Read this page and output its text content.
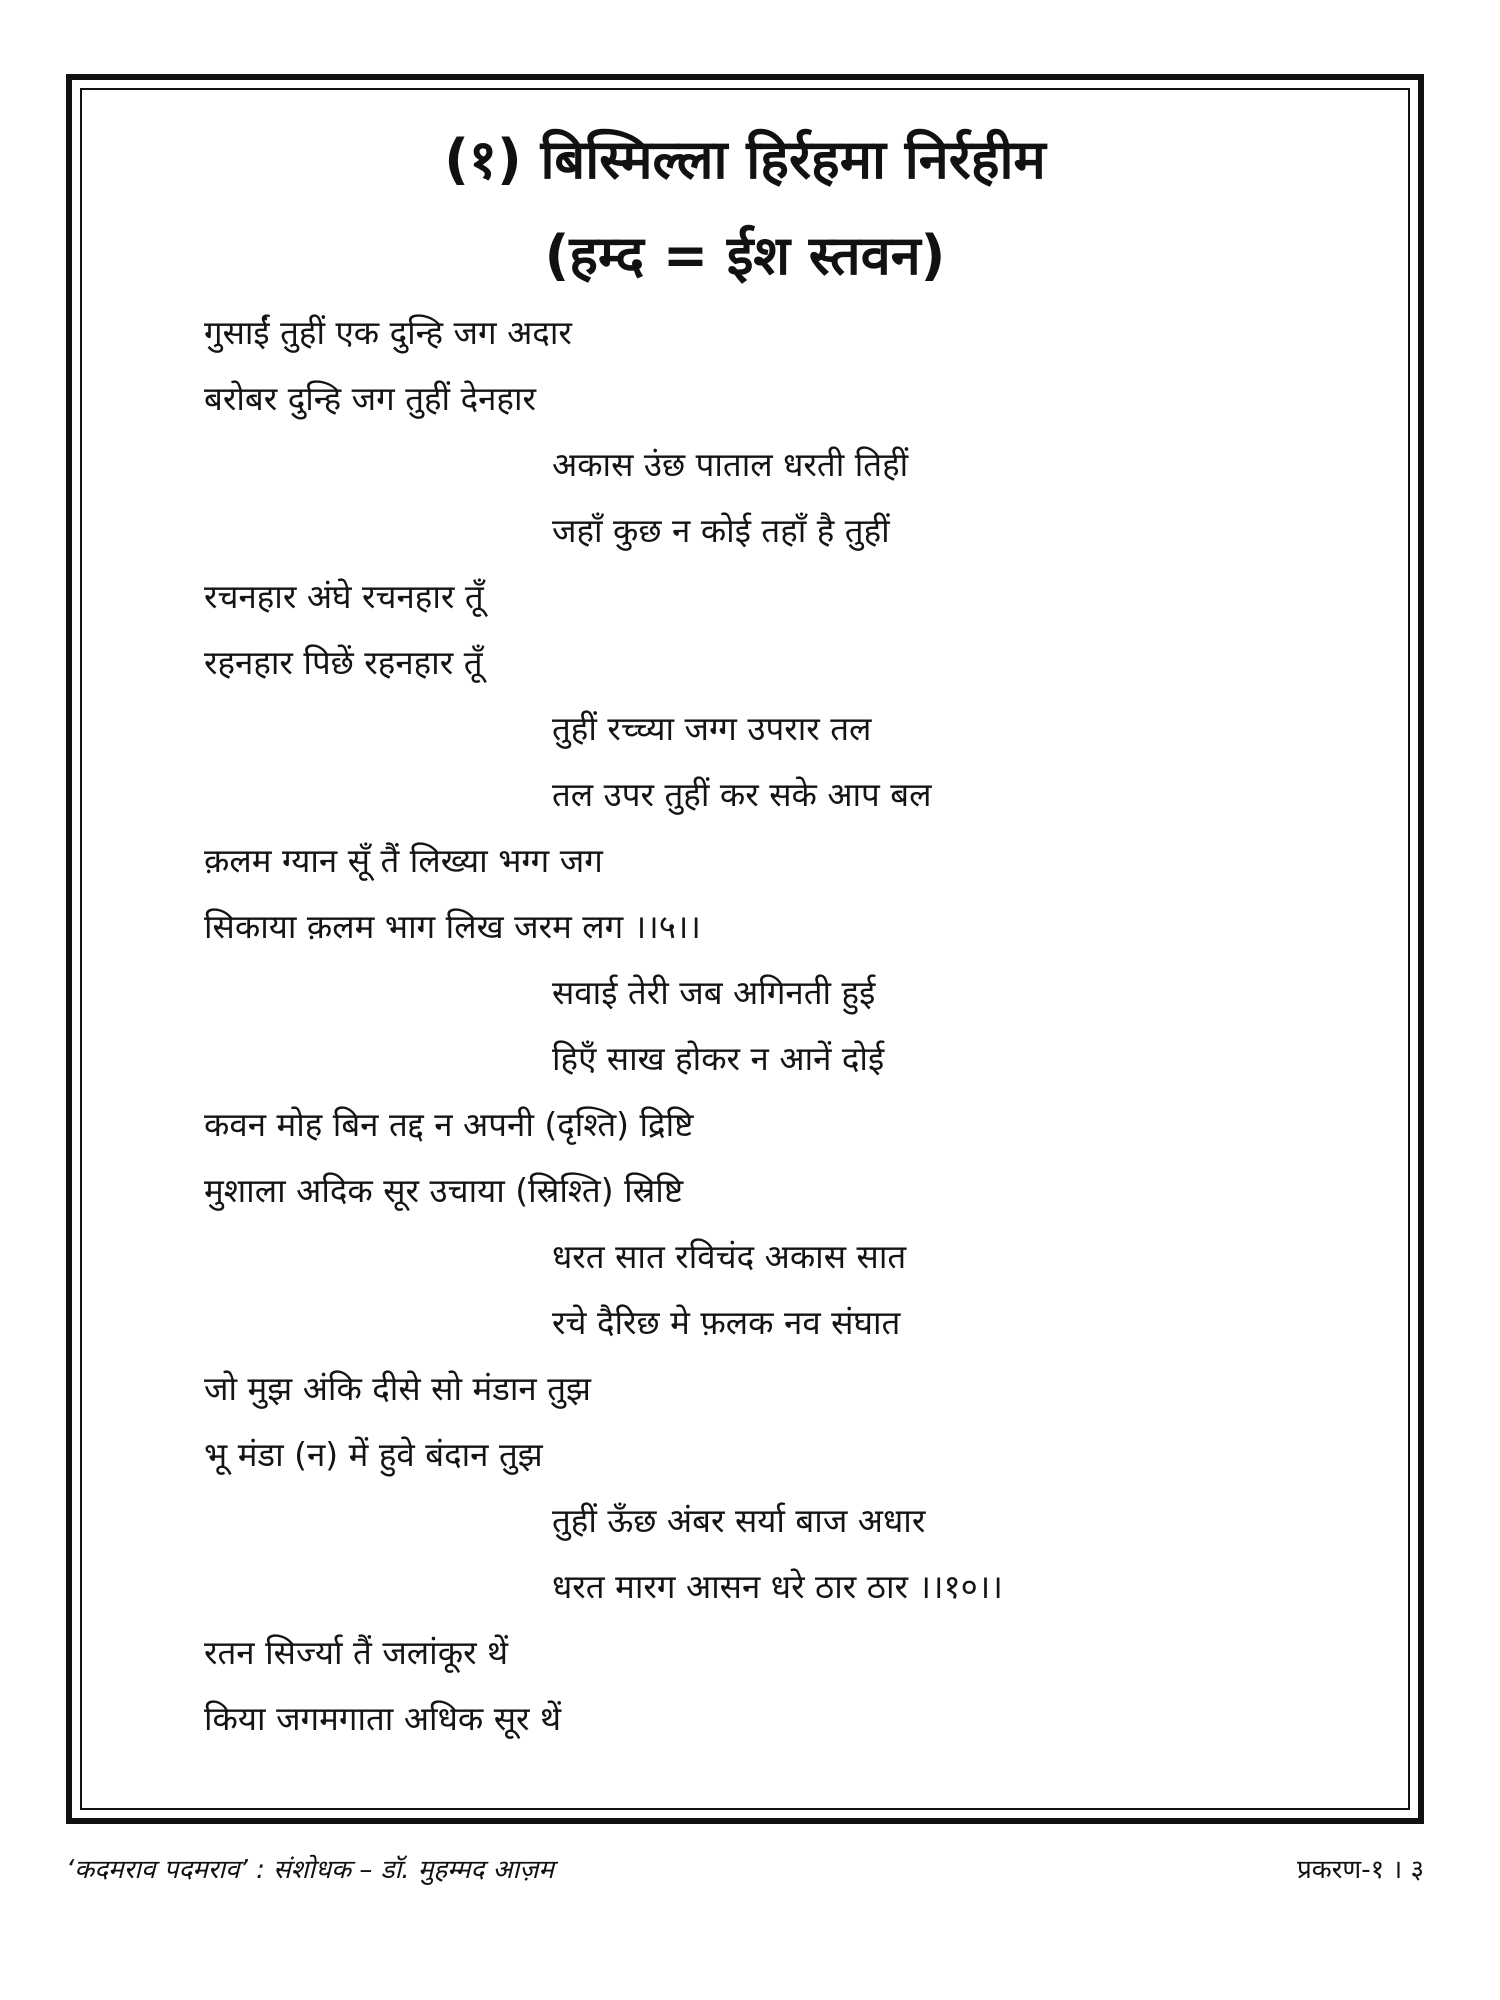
(१) बिस्मिल्ला हिर्रहमा निर्रहीम
(हम्द = ईश स्तवन)
गुसाईं तुहीं एक दुन्हि जग अदार
बरोबर दुन्हि जग तुहीं देनहार
अकास उंछ पाताल धरती तिहीं
जहाँ कुछ न कोई तहाँ है तुहीं
रचनहार अंघे रचनहार तूँ
रहनहार पिछें रहनहार तूँ
तुहीं रच्च्या जग्ग उपरार तल
तल उपर तुहीं कर सके आप बल
क़लम ग्यान सूँ तैं लिख्या भग्ग जग
सिकाया क़लम भाग लिख जरम लग ।।५।।
सवाई तेरी जब अगिनती हुई
हिएँ साख होकर न आनें दोई
कवन मोह बिन तद्द न अपनी (दृश्ति) द्रिष्टि
मुशाला अदिक सूर उचाया (स्रिश्ति) स्रिष्टि
धरत सात रविचंद अकास सात
रचे दैरिछ मे फ़लक नव संघात
जो मुझ अंकि दीसे सो मंडान तुझ
भू मंडा (न) में हुवे बंदान तुझ
तुहीं ऊँछ अंबर सर्या बाज अधार
धरत मारग आसन धरे ठार ठार ।।१०।।
रतन सिर्ज्या तैं जलांकूर थें
किया जगमगाता अधिक सूर थें
‘कदमराव पदमराव’ : संशोधक – डॉ. मुहम्मद आज़म	प्रकरण-१ । ३
